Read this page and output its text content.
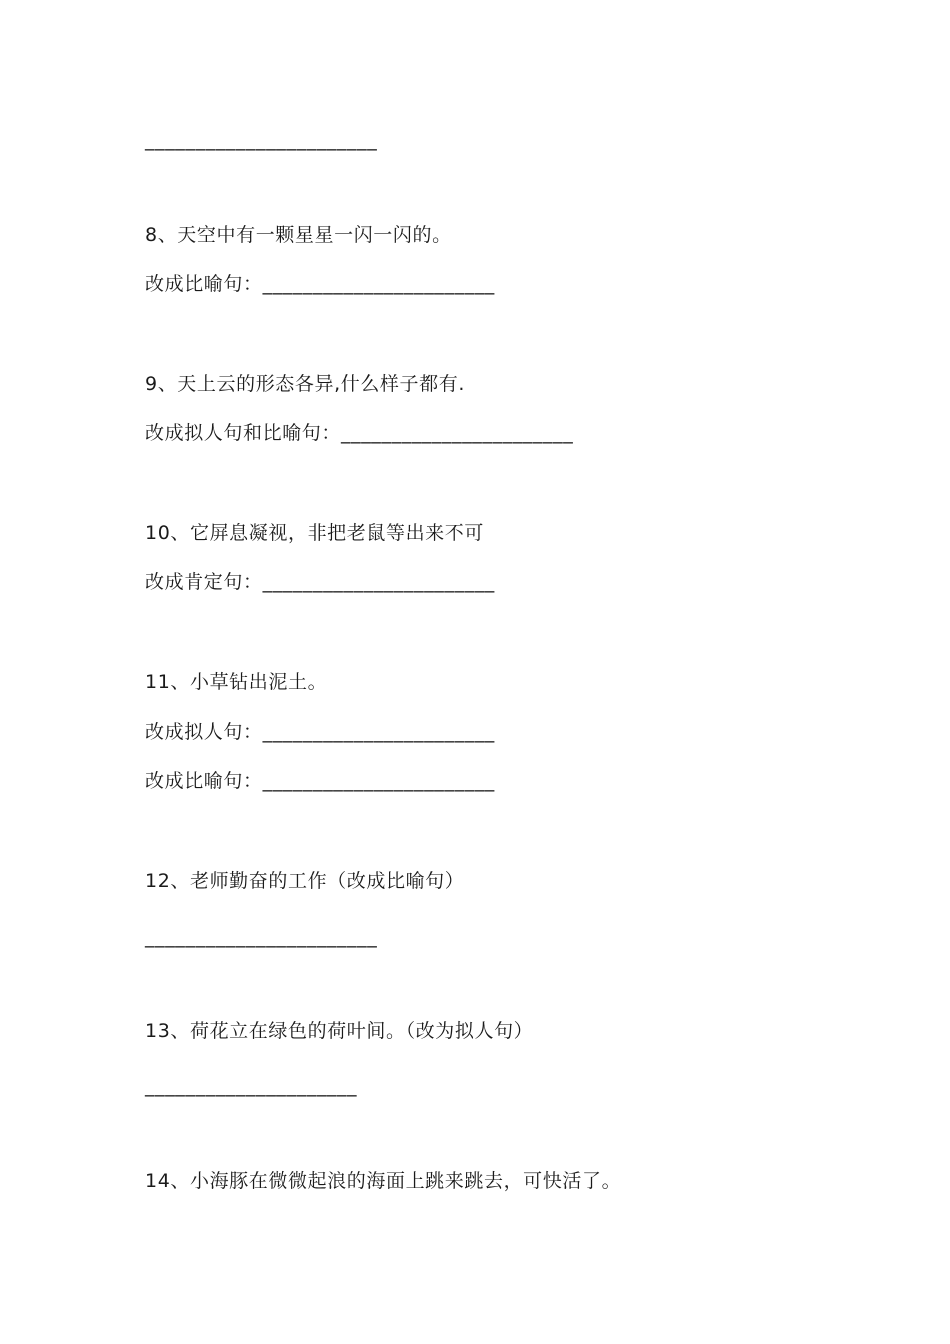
_______________________
8、天空中有一颗星星一闪一闪的。
改成比喻句：_______________________
9、天上云的形态各异,什么样子都有.
改成拟人句和比喻句：_______________________
10、它屏息凝视，非把老鼠等出来不可
改成肯定句：_______________________
11、小草钻出泥土。
改成拟人句：_______________________
改成比喻句：_______________________
12、老师勤奋的工作（改成比喻句）
_______________________
13、荷花立在绿色的荷叶间。（改为拟人句）
_____________________
14、小海豚在微微起浪的海面上跳来跳去，可快活了。
